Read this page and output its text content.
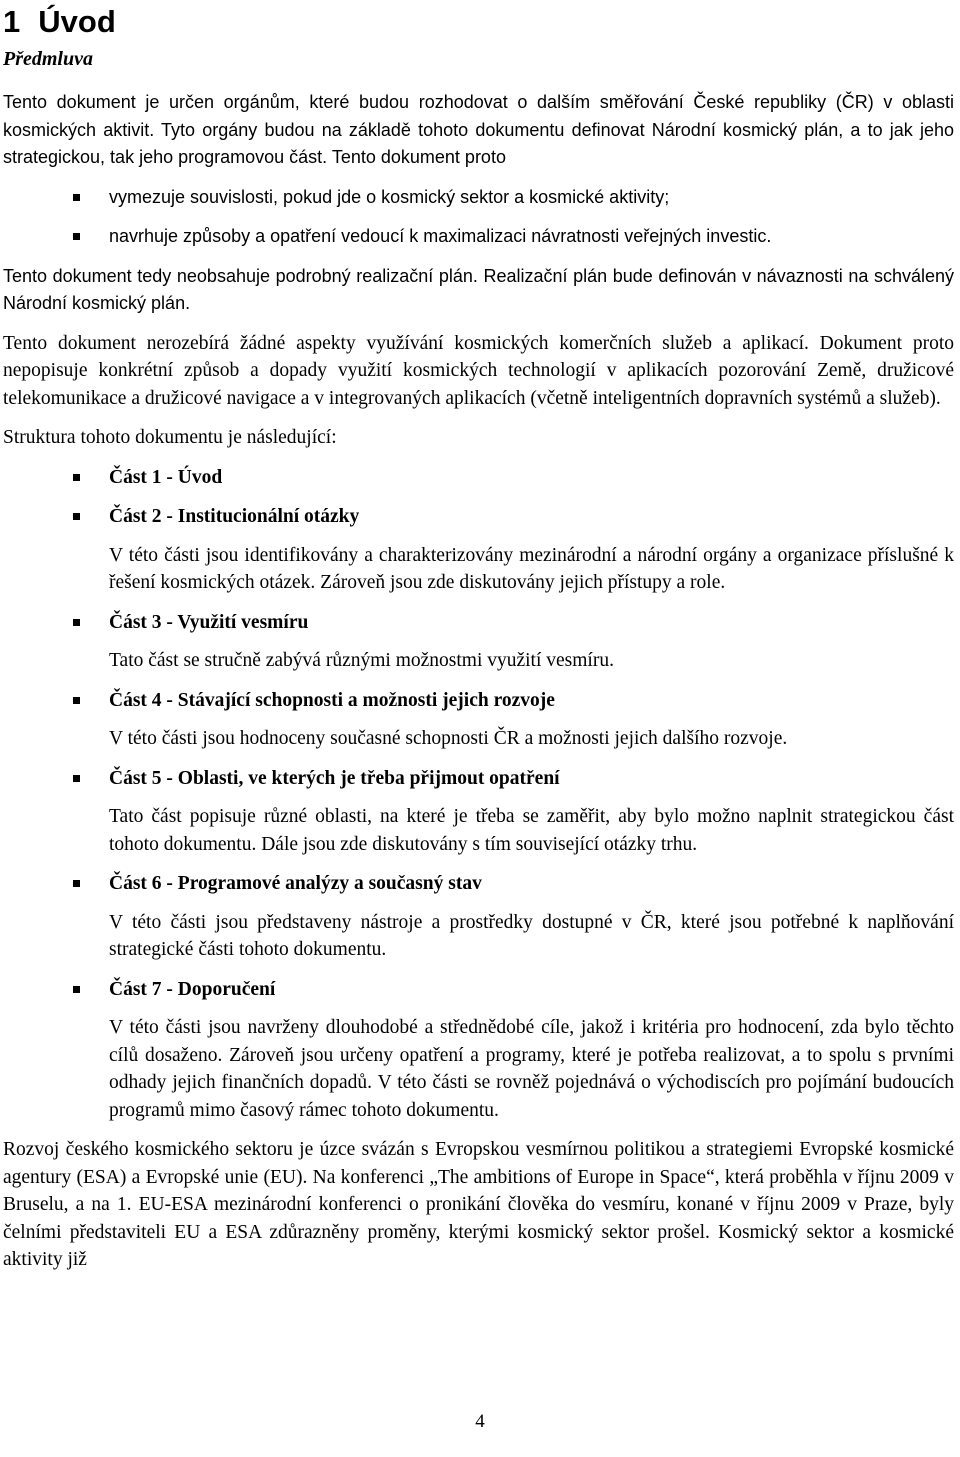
1 Úvod
Předmluva

Tento dokument je určen orgánům, které budou rozhodovat o dalším směřování České republiky (ČR) v oblasti kosmických aktivit. Tyto orgány budou na základě tohoto dokumentu definovat Národní kosmický plán, a to jak jeho strategickou, tak jeho programovou část. Tento dokument proto

vymezuje souvislosti, pokud jde o kosmický sektor a kosmické aktivity;
navrhuje způsoby a opatření vedoucí k maximalizaci návratnosti veřejných investic.

Tento dokument tedy neobsahuje podrobný realizační plán. Realizační plán bude definován v návaznosti na schválený Národní kosmický plán.

Tento dokument nerozebírá žádné aspekty využívání kosmických komerčních služeb a aplikací. Dokument proto nepopisuje konkrétní způsob a dopady využití kosmických technologií v aplikacích pozorování Země, družicové telekomunikace a družicové navigace a v integrovaných aplikacích (včetně inteligentních dopravních systémů a služeb).

Struktura tohoto dokumentu je následující:

Část 1 - Úvod
Část 2 - Institucionální otázky
V této části jsou identifikovány a charakterizovány mezinárodní a národní orgány a organizace příslušné k řešení kosmických otázek. Zároveň jsou zde diskutovány jejich přístupy a role.
Část 3 - Využití vesmíru
Tato část se stručně zabývá různými možnostmi využití vesmíru.
Část 4 - Stávající schopnosti a možnosti jejich rozvoje
V této části jsou hodnoceny současné schopnosti ČR a možnosti jejich dalšího rozvoje.
Část 5 - Oblasti, ve kterých je třeba přijmout opatření
Tato část popisuje různé oblasti, na které je třeba se zaměřit, aby bylo možno naplnit strategickou část tohoto dokumentu. Dále jsou zde diskutovány s tím související otázky trhu.
Část 6 - Programové analýzy a současný stav
V této části jsou představeny nástroje a prostředky dostupné v ČR, které jsou potřebné k naplňování strategické části tohoto dokumentu.
Část 7 - Doporučení
V této části jsou navrženy dlouhodobé a střednědobé cíle, jakož i kritéria pro hodnocení, zda bylo těchto cílů dosaženo. Zároveň jsou určeny opatření a programy, které je potřeba realizovat, a to spolu s prvními odhady jejich finančních dopadů. V této části se rovněž pojednává o východiscích pro pojímání budoucích programů mimo časový rámec tohoto dokumentu.

Rozvoj českého kosmického sektoru je úzce svázán s Evropskou vesmírnou politikou a strategiemi Evropské kosmické agentury (ESA) a Evropské unie (EU). Na konferenci „The ambitions of Europe in Space“, která proběhla v říjnu 2009 v Bruselu, a na 1. EU-ESA mezinárodní konferenci o pronikání člověka do vesmíru, konané v říjnu 2009 v Praze, byly čelními představiteli EU a ESA zdůrazněny proměny, kterými kosmický sektor prošel. Kosmický sektor a kosmické aktivity již

4
